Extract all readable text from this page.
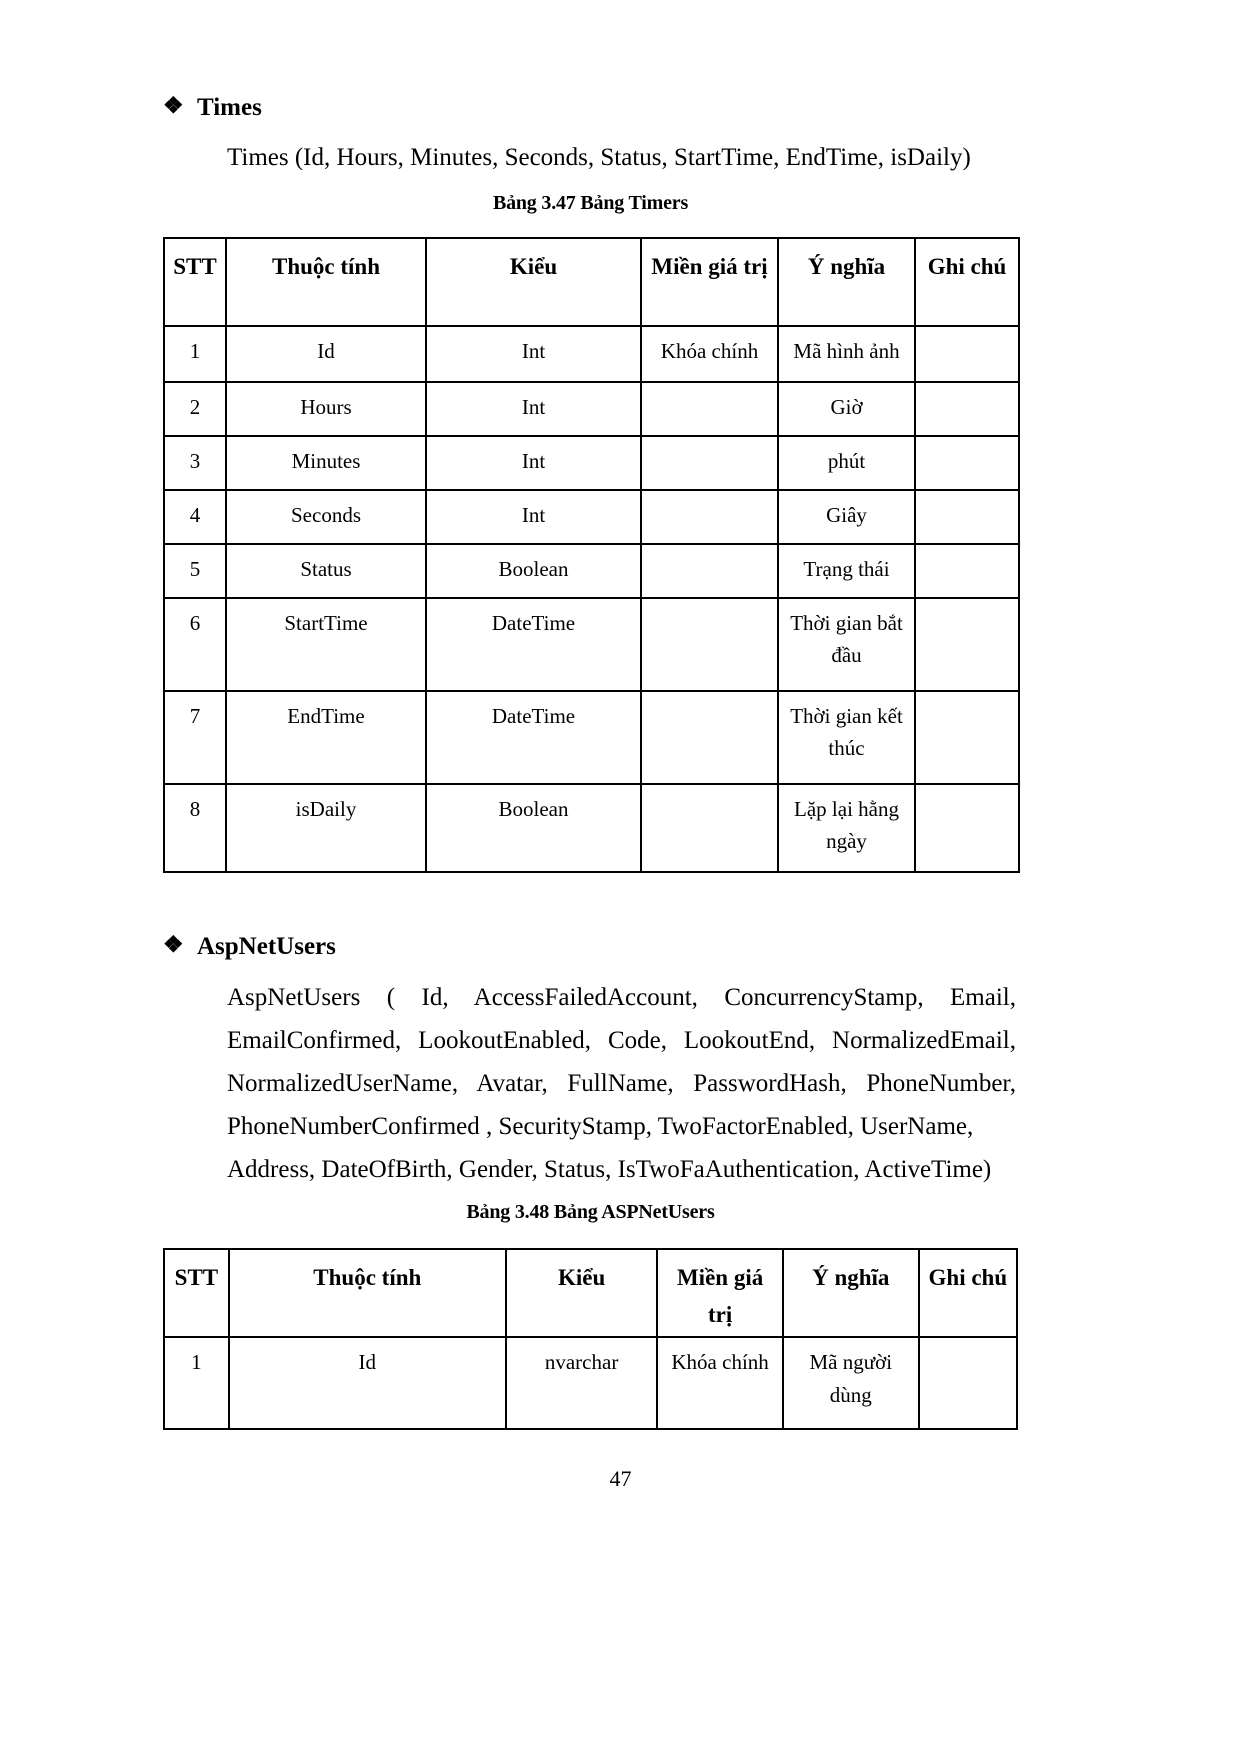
❖ Times
Times (Id, Hours, Minutes, Seconds, Status, StartTime, EndTime, isDaily)
Bảng 3.47 Bảng Timers
STT	Thuộc tính	Kiểu	Miền giá trị	Ý nghĩa	Ghi chú

1	Id	Int	Khóa chính	Mã hình ảnh	

2	Hours	Int		Giờ	

3	Minutes	Int		phút	

4	Seconds	Int		Giây	

5	Status	Boolean		Trạng thái	

6	StartTime	DateTime		Thời gian bắt đầu	

7	EndTime	DateTime		Thời gian kết thúc	

8	isDaily	Boolean		Lặp lại hằng ngày	

❖ AspNetUsers
AspNetUsers ( Id, AccessFailedAccount, ConcurrencyStamp, Email, EmailConfirmed, LookoutEnabled, Code, LookoutEnd, NormalizedEmail, NormalizedUserName, Avatar, FullName, PasswordHash, PhoneNumber, PhoneNumberConfirmed , SecurityStamp, TwoFactorEnabled, UserName,
Address, DateOfBirth, Gender, Status, IsTwoFaAuthentication, ActiveTime)
Bảng 3.48 Bảng ASPNetUsers
STT	Thuộc tính	Kiểu	Miền giá trị	Ý nghĩa	Ghi chú

1	Id	nvarchar	Khóa chính	Mã người dùng	

47
